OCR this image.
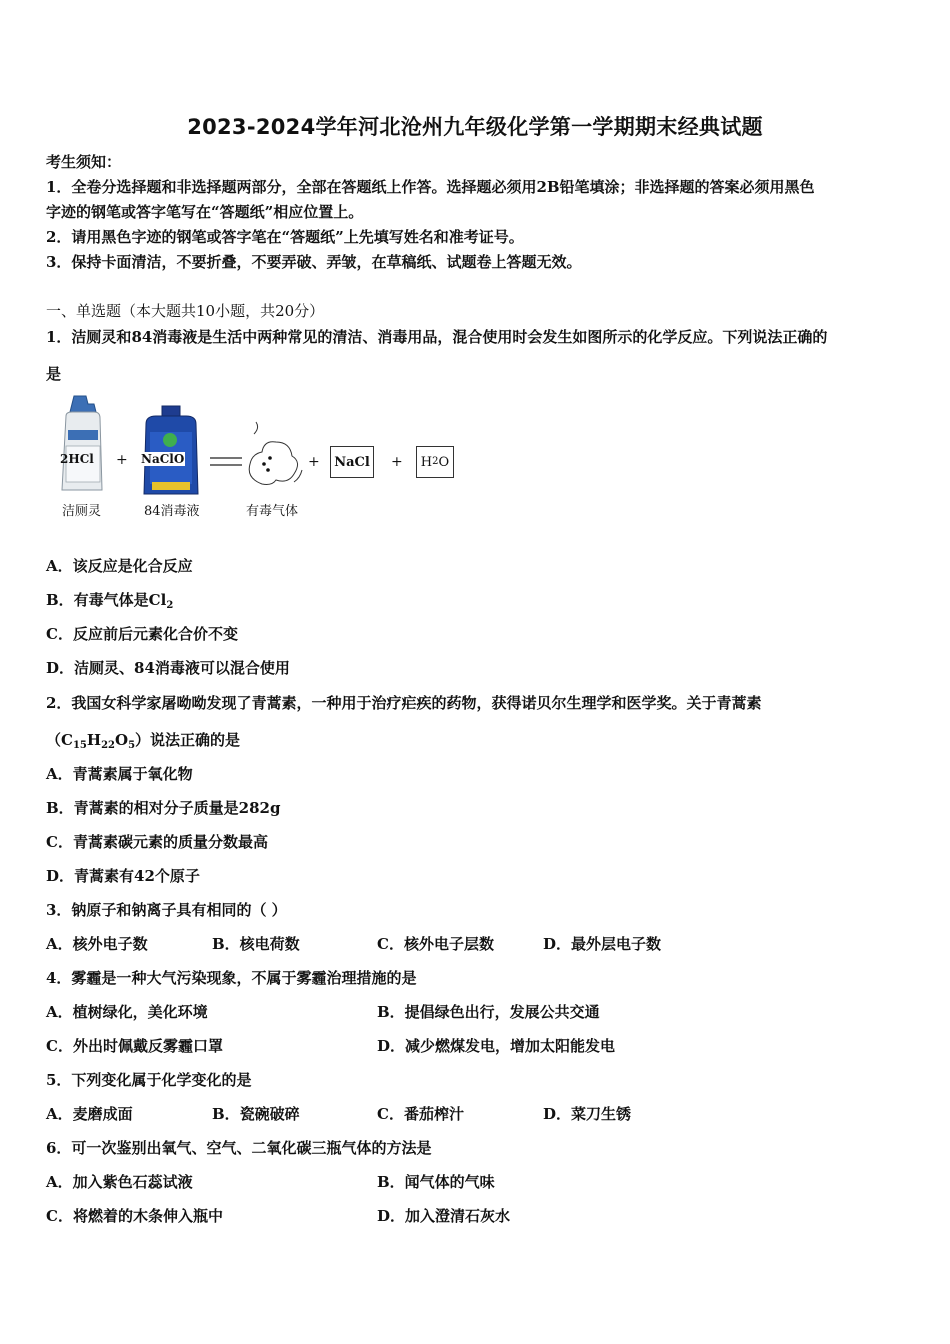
2023-2024学年河北沧州九年级化学第一学期期末经典试题
考生须知：
1．全卷分选择题和非选择题两部分，全部在答题纸上作答。选择题必须用2B铅笔填涂；非选择题的答案必须用黑色
字迹的钢笔或答字笔写在“答题纸”相应位置上。
2．请用黑色字迹的钢笔或答字笔在“答题纸”上先填写姓名和准考证号。
3．保持卡面清洁，不要折叠，不要弄破、弄皱，在草稿纸、试题卷上答题无效。
一、单选题（本大题共10小题，共20分）
1．洁厕灵和84消毒液是生活中两种常见的清洁、消毒用品，混合使用时会发生如图所示的化学反应。下列说法正确的
是
2HCl
洁厕灵
+ NaClO
84消毒液	有毒气体
+ NaCl + H 2 O
A．该反应是化合反应
B．有毒气体是$Cl_2$
C．反应前后元素化合价不变
D．洁厕灵、84消毒液可以混合使用
2．我国女科学家屠呦呦发现了青蒿素，一种用于治疗疟疾的药物，获得诺贝尔生理学和医学奖。关于青蒿素
$(C_{15}H_{22}O_5)$说法正确的是
A．青蒿素属于氧化物
B．青蒿素的相对分子质量是282g
C．青蒿素碳元素的质量分数最高
D．青蒿素有42个原子
3．钠原子和钠离子具有相同的（ ）
A．核外电子数	B．核电荷数	C．核外电子层数	D．最外层电子数
4．雾霾是一种大气污染现象，不属于雾霾治理措施的是
A．植树绿化，美化环境	B．提倡绿色出行，发展公共交通
C．外出时佩戴反雾霾口罩	D．减少燃煤发电，增加太阳能发电
5．下列变化属于化学变化的是
A．麦磨成面	B．瓷碗破碎	C．番茄榨汁	D．菜刀生锈
6．可一次鉴别出氧气、空气、二氧化碳三瓶气体的方法是
A．加入紫色石蕊试液	B．闻气体的气味
C．将燃着的木条伸入瓶中	D．加入澄清石灰水
